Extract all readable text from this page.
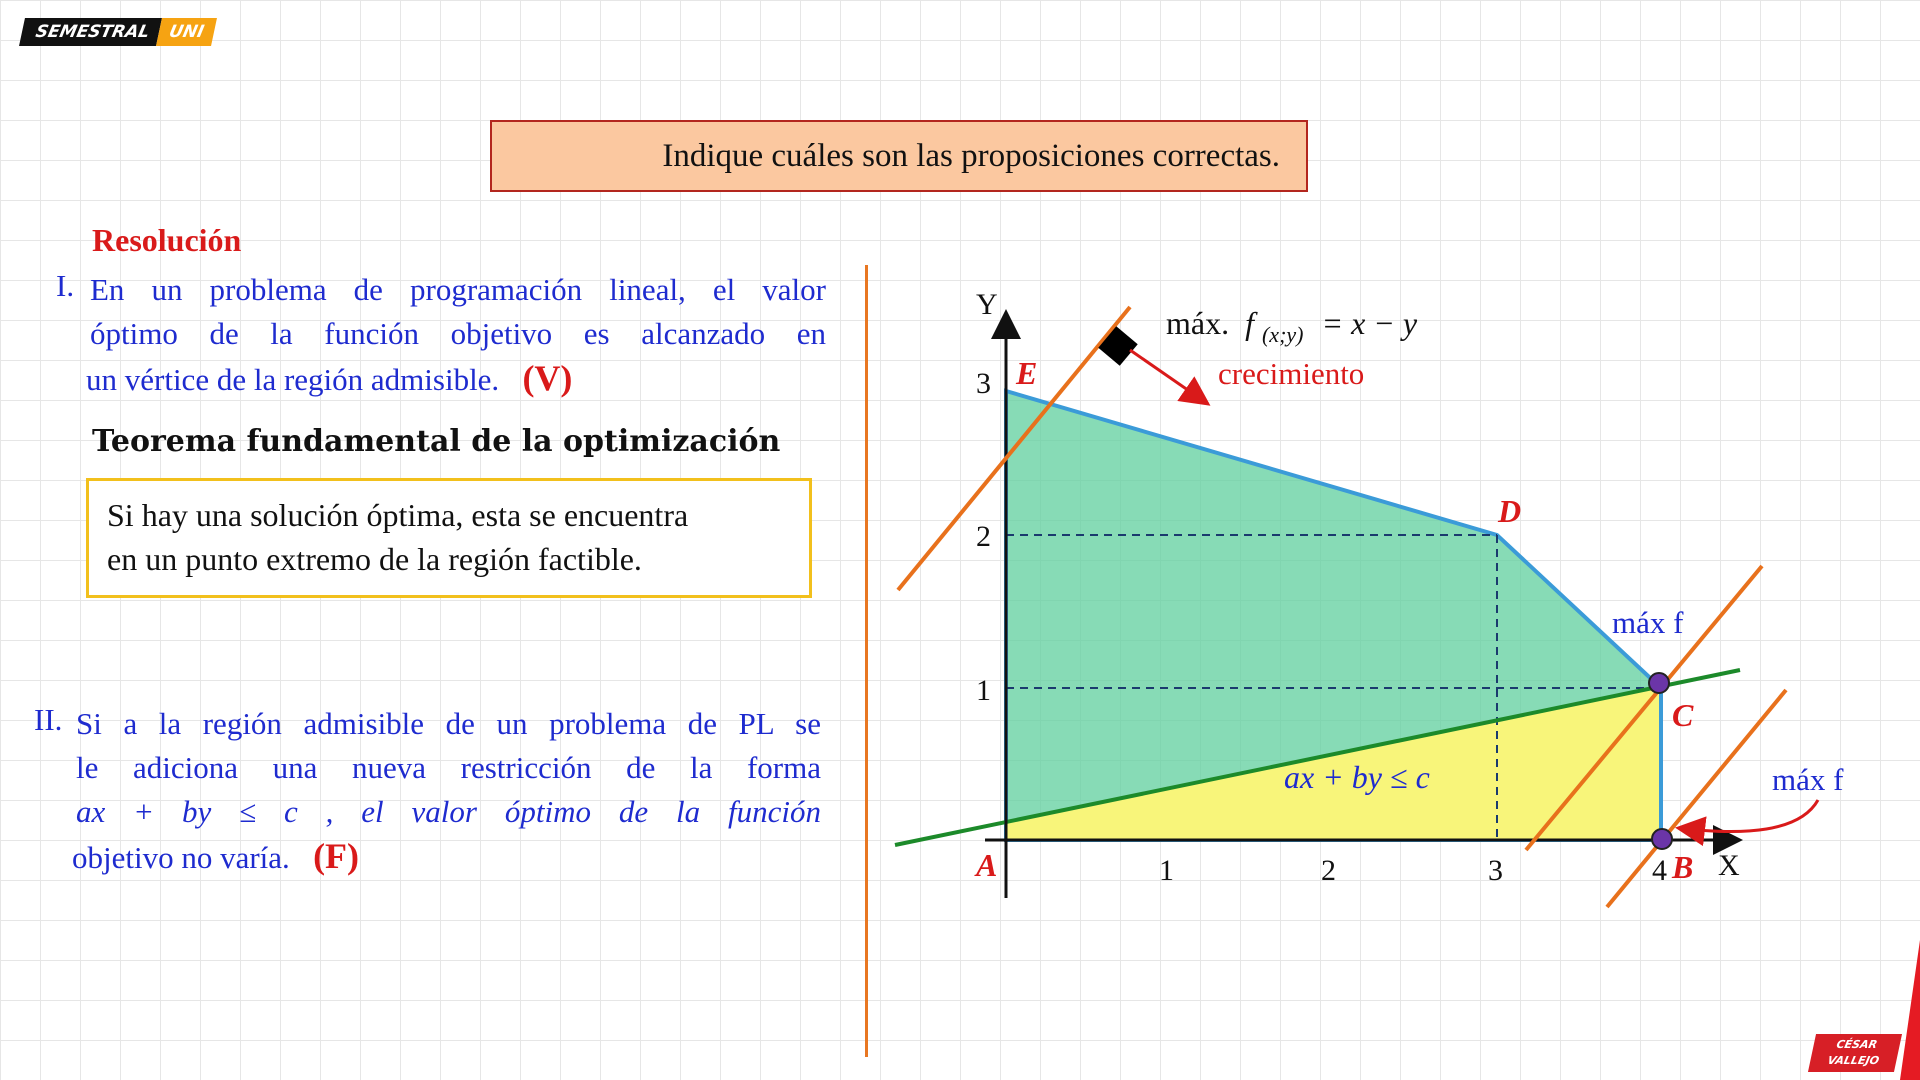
SEMESTRAL UNI
Indique cuáles son las proposiciones correctas.
Resolución
I. En un problema de programación lineal, el valor
óptimo de la función objetivo es alcanzado en
un vértice de la región admisible. (V)
Teorema fundamental de la optimización
Si hay una solución óptima, esta se encuentra
en un punto extremo de la región factible.
II. Si a la región admisible de un problema de PL se
le adiciona una nueva restricción de la forma
ax + by ≤ c , el valor óptimo de la función
objetivo no varía. (F)
Y
X
3
2
1
1	2	3	4
A	B
C
D
E
máx. f $_{(x;y)}$ = x − y
crecimiento
ax + by ≤ c
máx f
máx f
CÉSAR
VALLEJO
